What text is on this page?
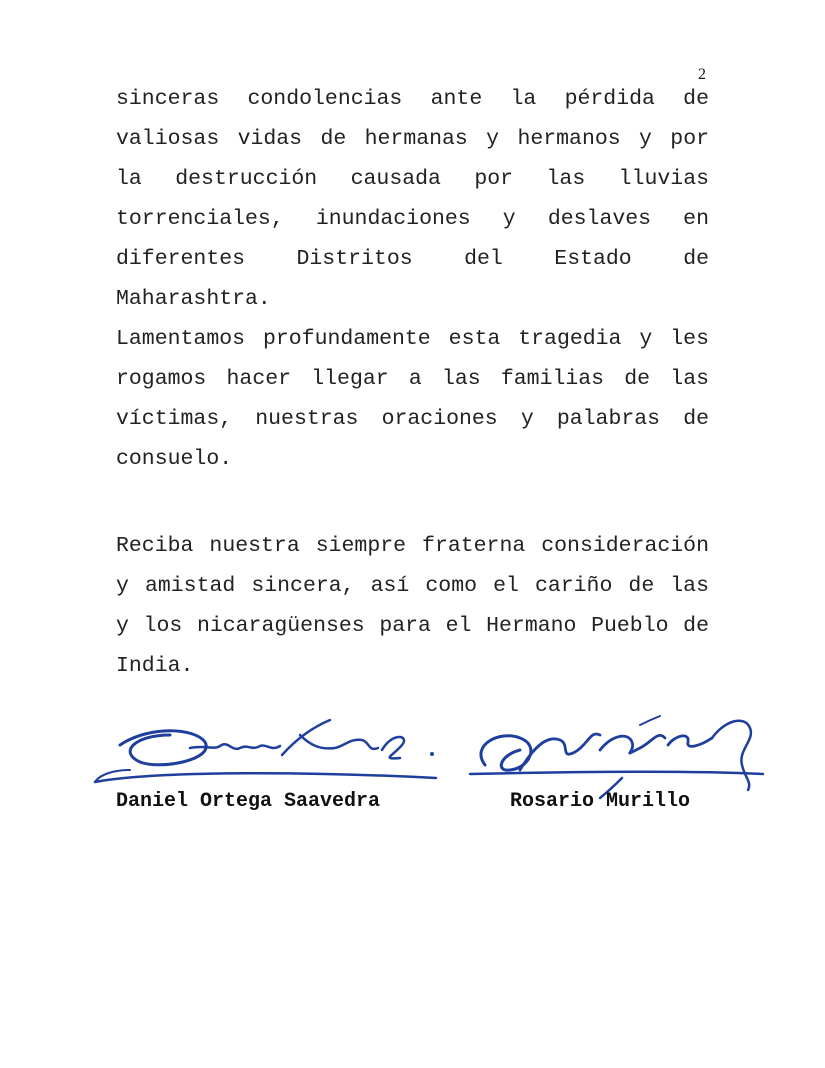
2

sinceras condolencias ante la pérdida de valiosas vidas de hermanas y hermanos y por la destrucción causada por las lluvias torrenciales, inundaciones y deslaves en diferentes Distritos del Estado de Maharashtra.

Lamentamos profundamente esta tragedia y les rogamos hacer llegar a las familias de las víctimas, nuestras oraciones y palabras de consuelo.

Reciba nuestra siempre fraterna consideración y amistad sincera, así como el cariño de las y los nicaragüenses para el Hermano Pueblo de India.

Daniel Ortega Saavedra	Rosario Murillo
